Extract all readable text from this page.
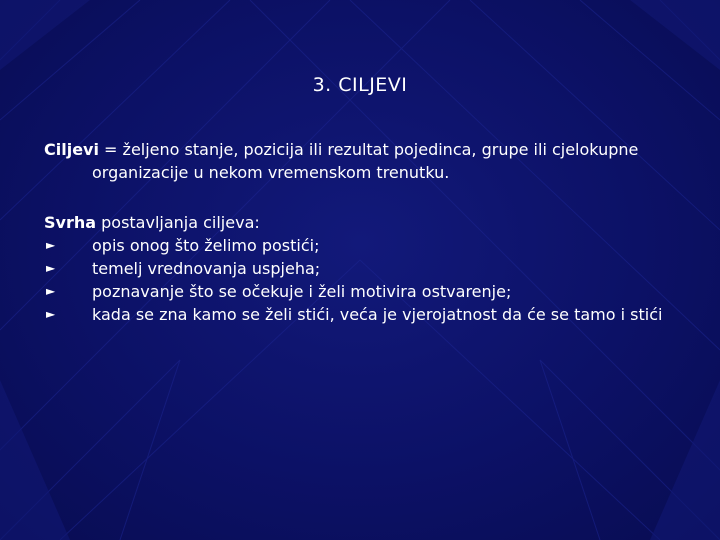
3. CILJEVI

Ciljevi = željeno stanje, pozicija ili rezultat pojedinca, grupe ili cjelokupne organizacije u nekom vremenskom trenutku.

Svrha postavljanja ciljeva:

► opis onog što želimo postići;
► temelj vrednovanja uspjeha;
► poznavanje što se očekuje i želi motivira ostvarenje;
► kada se zna kamo se želi stići, veća je vjerojatnost da će se tamo i stići
